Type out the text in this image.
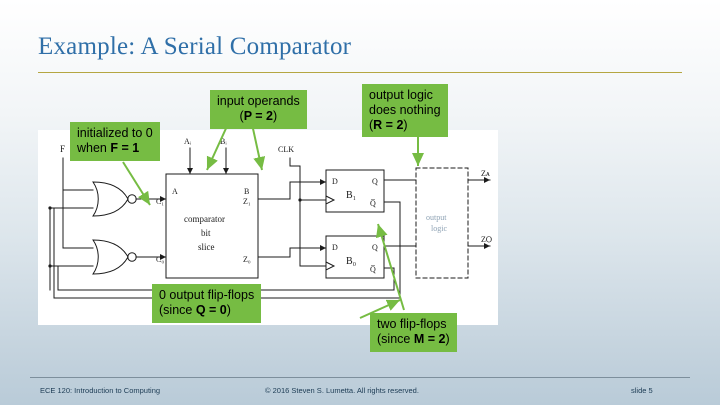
Example: A Serial Comparator
F	CLK
Aᵢ	Bᵢ
A	B
C₁
C₀
Z₁
Z₀
comparator
bit
slice
D	Q
Q̅
B₁
D	Q
Q̅
B₀
output
logic
Zᴀ
ZѺ
initialized to 0
when F = 1
input operands
(P = 2)
output logic
does nothing
(R = 2)
0 output flip-flops
(since Q = 0)
two flip-flops
(since M = 2)
ECE 120: Introduction to Computing	© 2016 Steven S. Lumetta. All rights reserved.	slide 5
